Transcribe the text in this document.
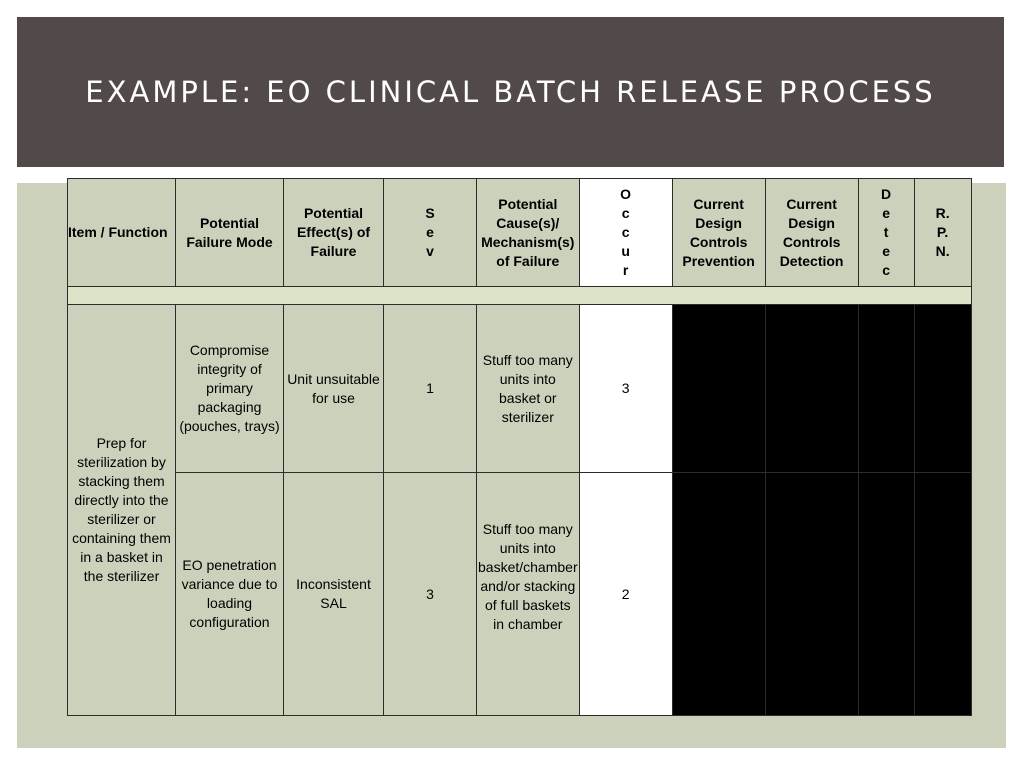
EXAMPLE: EO CLINICAL BATCH RELEASE PROCESS
Item / Function	Potential Failure Mode	Potential Effect(s) of Failure	S
e
v	Potential Cause(s)/ Mechanism(s) of Failure	O
c
c
u
r	Current Design Controls Prevention	Current Design Controls Detection	D
e
t
e
c	R.
P.
N.

Prep for sterilization by stacking them directly into the sterilizer or containing them in a basket in the sterilizer	Compromise integrity of primary packaging (pouches, trays)	Unit unsuitable for use	1	Stuff too many units into basket or sterilizer	3				
	EO penetration variance due to loading configuration	Inconsistent SAL	3	Stuff too many units into basket/chamber and/or stacking of full baskets in chamber	2				
